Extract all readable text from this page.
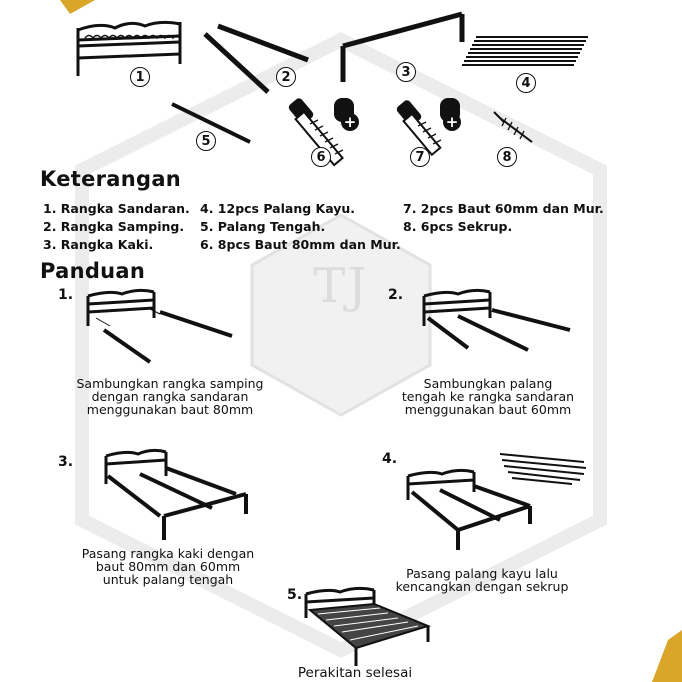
TJ
1	2	3
4
5
+
6
+
7	8
Keterangan
1. Rangka Sandaran.
2. Rangka Samping.
3. Rangka Kaki.
4. 12pcs Palang Kayu.
5. Palang Tengah.
6. 8pcs Baut 80mm dan Mur.
7. 2pcs Baut 60mm dan Mur.
8. 6pcs Sekrup.
Panduan
1.
Sambungkan rangka samping
dengan rangka sandaran
menggunakan baut 80mm
2.
Sambungkan palang
tengah ke rangka sandaran
menggunakan baut 60mm
3.
Pasang rangka kaki dengan
baut 80mm dan 60mm
untuk palang tengah
4.
Pasang palang kayu lalu
kencangkan dengan sekrup
5.
Perakitan selesai
